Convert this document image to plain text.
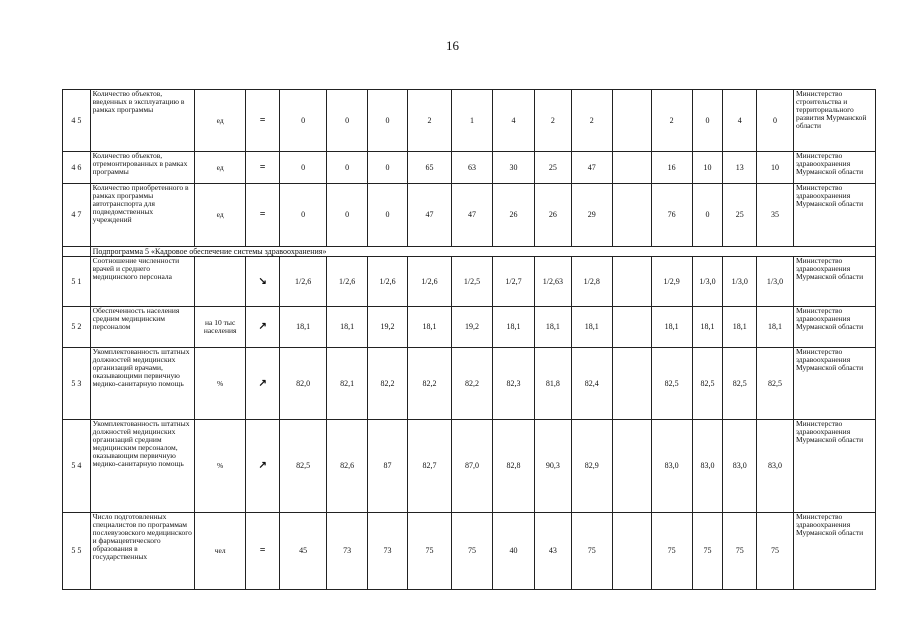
16
4 5	Количество объектов, введенных в эксплуатацию в рамках программы	ед	=	0	0	0	2	1	4	2	2		2	0	4	0	Министерство строительства и территориального развития Мурманской области
4 6	Количество объектов, отремонтированных в рамках программы	ед	=	0	0	0	65	63	30	25	47		16	10	13	10	Министерство здравоохранения Мурманской области
4 7	Количество приобретенного в рамках программы автотранспорта для подведомственных учреждений	ед	=	0	0	0	47	47	26	26	29		76	0	25	35	Министерство здравоохранения Мурманской области
	Подпрограмма 5 «Кадровое обеспечение системы здравоохранения»																
5 1	Соотношение численности врачей и среднего медицинского персонала		↘	1/2,6	1/2,6	1/2,6	1/2,6	1/2,5	1/2,7	1/2,63	1/2,8		1/2,9	1/3,0	1/3,0	1/3,0	Министерство здравоохранения Мурманской области
5 2	Обеспеченность населения средним медицинским персоналом	на 10 тыс населения	↗	18,1	18,1	19,2	18,1	19,2	18,1	18,1	18,1		18,1	18,1	18,1	18,1	Министерство здравоохранения Мурманской области
5 3	Укомплектованность штатных должностей медицинских организаций врачами, оказывающими первичную медико-санитарную помощь	%	↗	82,0	82,1	82,2	82,2	82,2	82,3	81,8	82,4		82,5	82,5	82,5	82,5	Министерство здравоохранения Мурманской области
5 4	Укомплектованность штатных должностей медицинских организаций средним медицинским персоналом, оказывающим первичную медико-санитарную помощь	%	↗	82,5	82,6	87	82,7	87,0	82,8	90,3	82,9		83,0	83,0	83,0	83,0	Министерство здравоохранения Мурманской области
5 5	Число подготовленных специалистов по программам послевузовского медицинского и фармацевтического образования в государственных	чел	=	45	73	73	75	75	40	43	75		75	75	75	75	Министерство здравоохранения Мурманской области
